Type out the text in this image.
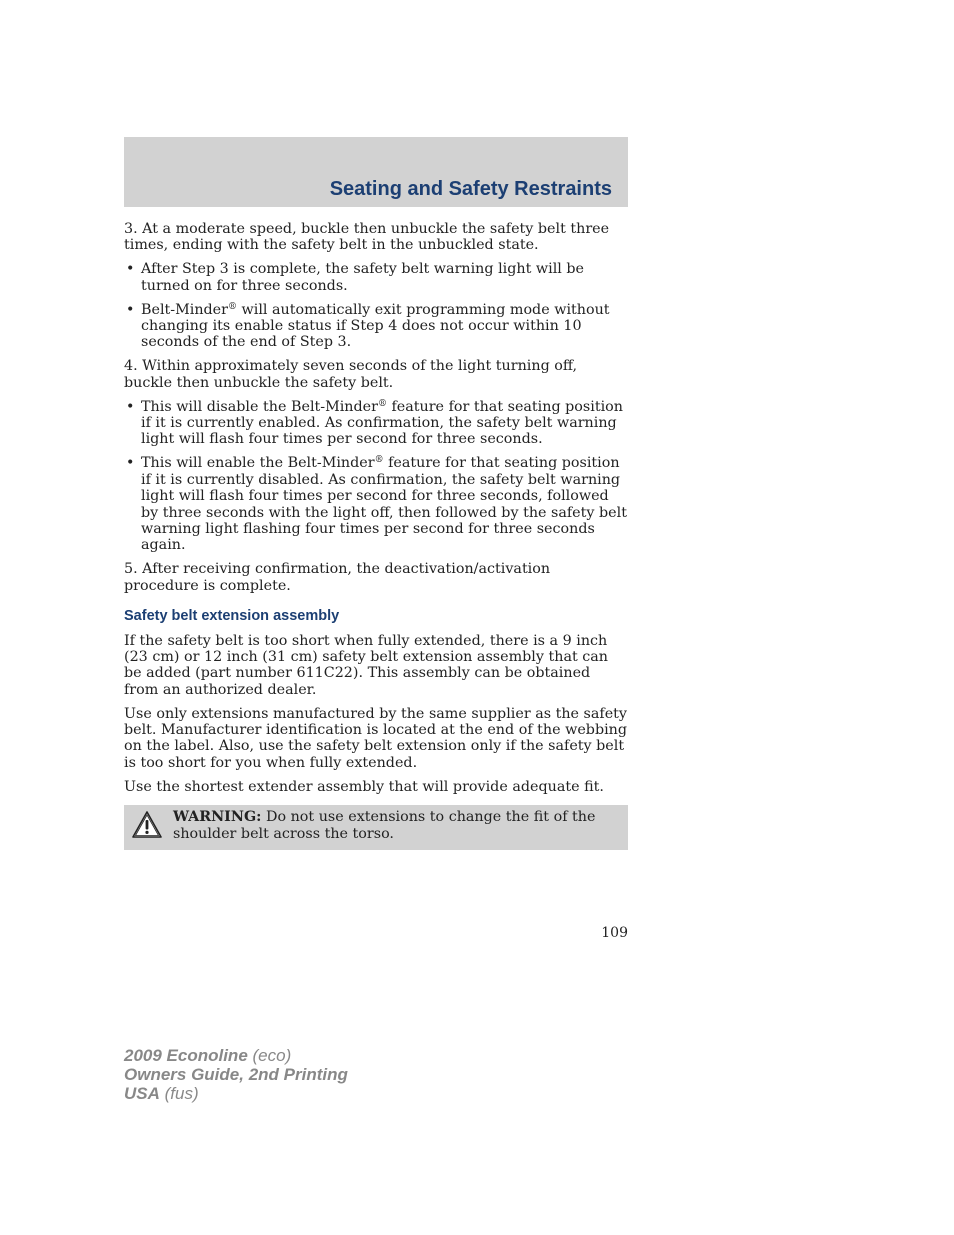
Seating and Safety Restraints

3. At a moderate speed, buckle then unbuckle the safety belt three times, ending with the safety belt in the unbuckled state.

• After Step 3 is complete, the safety belt warning light will be turned on for three seconds.
• Belt-Minder® will automatically exit programming mode without changing its enable status if Step 4 does not occur within 10 seconds of the end of Step 3.

4. Within approximately seven seconds of the light turning off, buckle then unbuckle the safety belt.

• This will disable the Belt-Minder® feature for that seating position if it is currently enabled. As confirmation, the safety belt warning light will flash four times per second for three seconds.
• This will enable the Belt-Minder® feature for that seating position if it is currently disabled. As confirmation, the safety belt warning light will flash four times per second for three seconds, followed by three seconds with the light off, then followed by the safety belt warning light flashing four times per second for three seconds again.

5. After receiving confirmation, the deactivation/activation procedure is complete.

Safety belt extension assembly

If the safety belt is too short when fully extended, there is a 9 inch (23 cm) or 12 inch (31 cm) safety belt extension assembly that can be added (part number 611C22). This assembly can be obtained from an authorized dealer.

Use only extensions manufactured by the same supplier as the safety belt. Manufacturer identification is located at the end of the webbing on the label. Also, use the safety belt extension only if the safety belt is too short for you when fully extended.

Use the shortest extender assembly that will provide adequate fit.

WARNING: Do not use extensions to change the fit of the shoulder belt across the torso.
109
2009 Econoline (eco)
Owners Guide, 2nd Printing
USA (fus)
